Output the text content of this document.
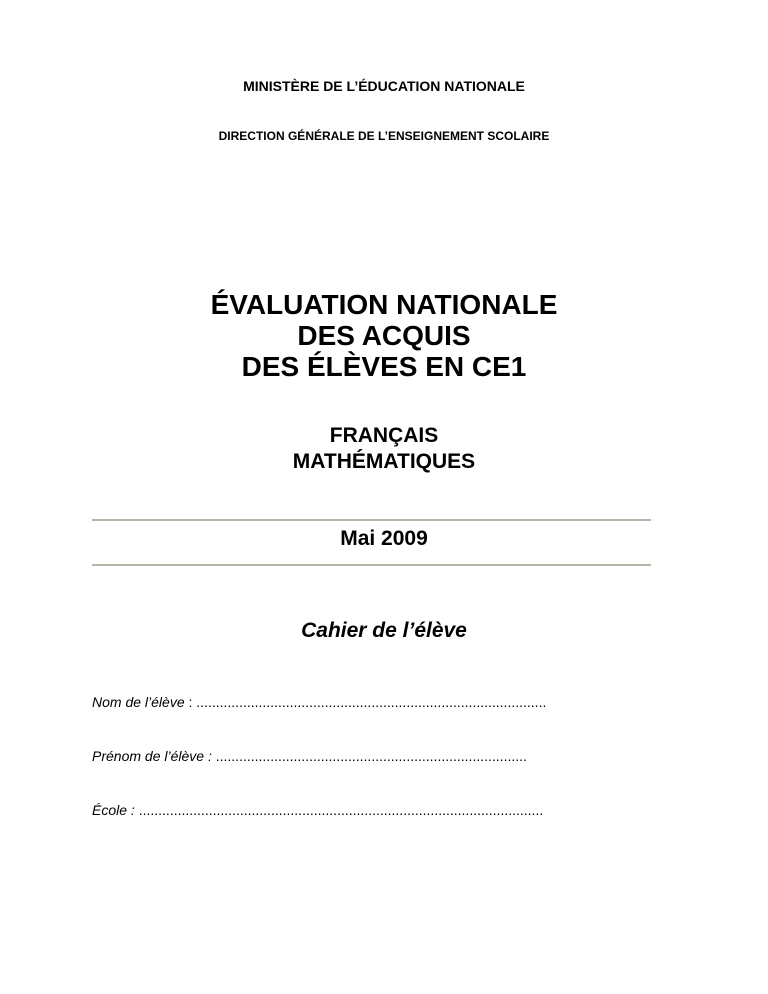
MINISTÈRE DE L’ÉDUCATION NATIONALE
DIRECTION GÉNÉRALE DE L’ENSEIGNEMENT SCOLAIRE
ÉVALUATION NATIONALE
DES ACQUIS
DES ÉLÈVES EN CE1
FRANÇAIS
MATHÉMATIQUES
Mai 2009
Cahier de l’élève
Nom de l’élève : ..........................................................................................
Prénom de l’élève : ................................................................................
École : ........................................................................................................
